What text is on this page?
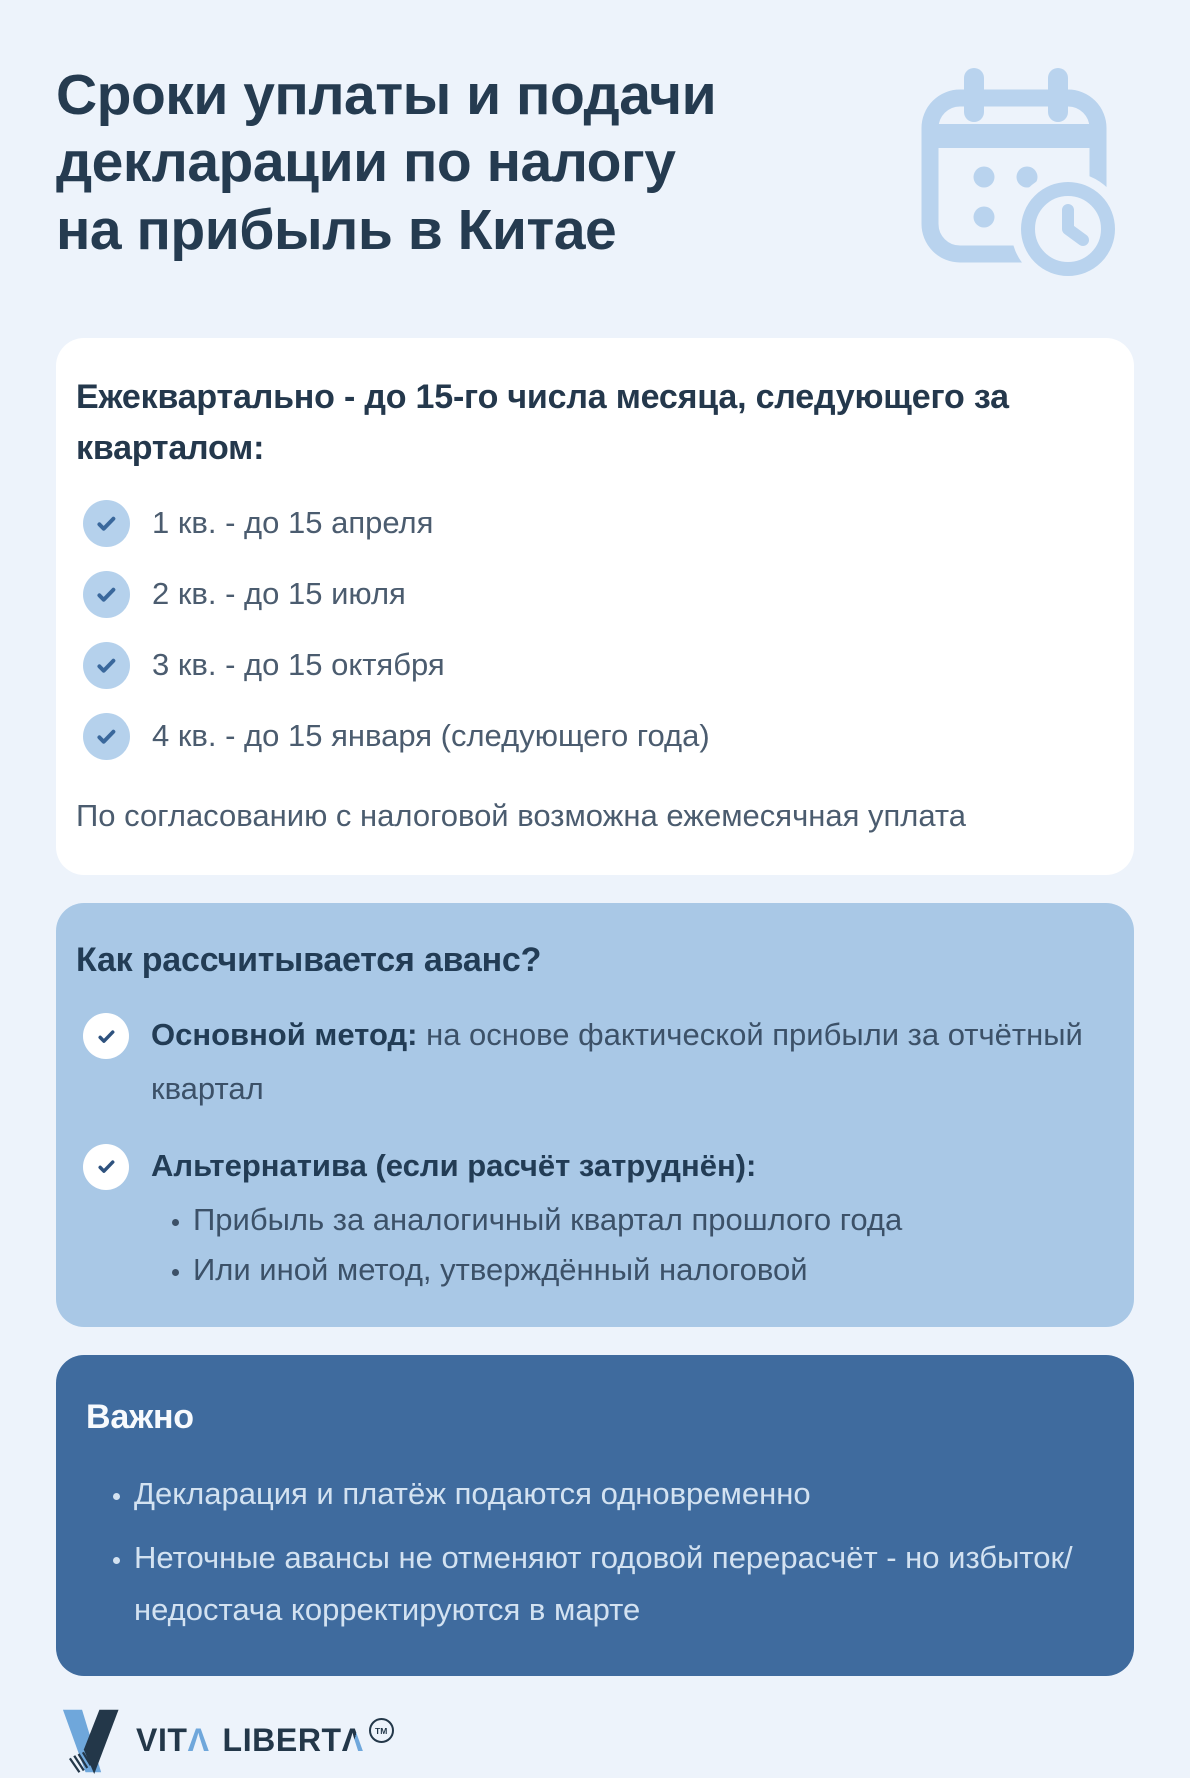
Сроки уплаты и подачи
декларации по налогу
на прибыль в Китае
Ежеквартально - до 15-го числа месяца, следующего за кварталом:
1 кв. - до 15 апреля
2 кв. - до 15 июля
3 кв. - до 15 октября
4 кв. - до 15 января (следующего года)

По согласованию с налоговой возможна ежемесячная уплата

Как рассчитывается аванс?
Основной метод: на основе фактической прибыли за отчётный квартал
Альтернатива (если расчёт затруднён):
• Прибыль за аналогичный квартал прошлого года
• Или иной метод, утверждённый налоговой
Важно
• Декларация и платёж подаются одновременно
• Неточные авансы не отменяют годовой перерасчёт - но избыток/недостача корректируются в марте
VIT Λ LIBERT Λ	TM
